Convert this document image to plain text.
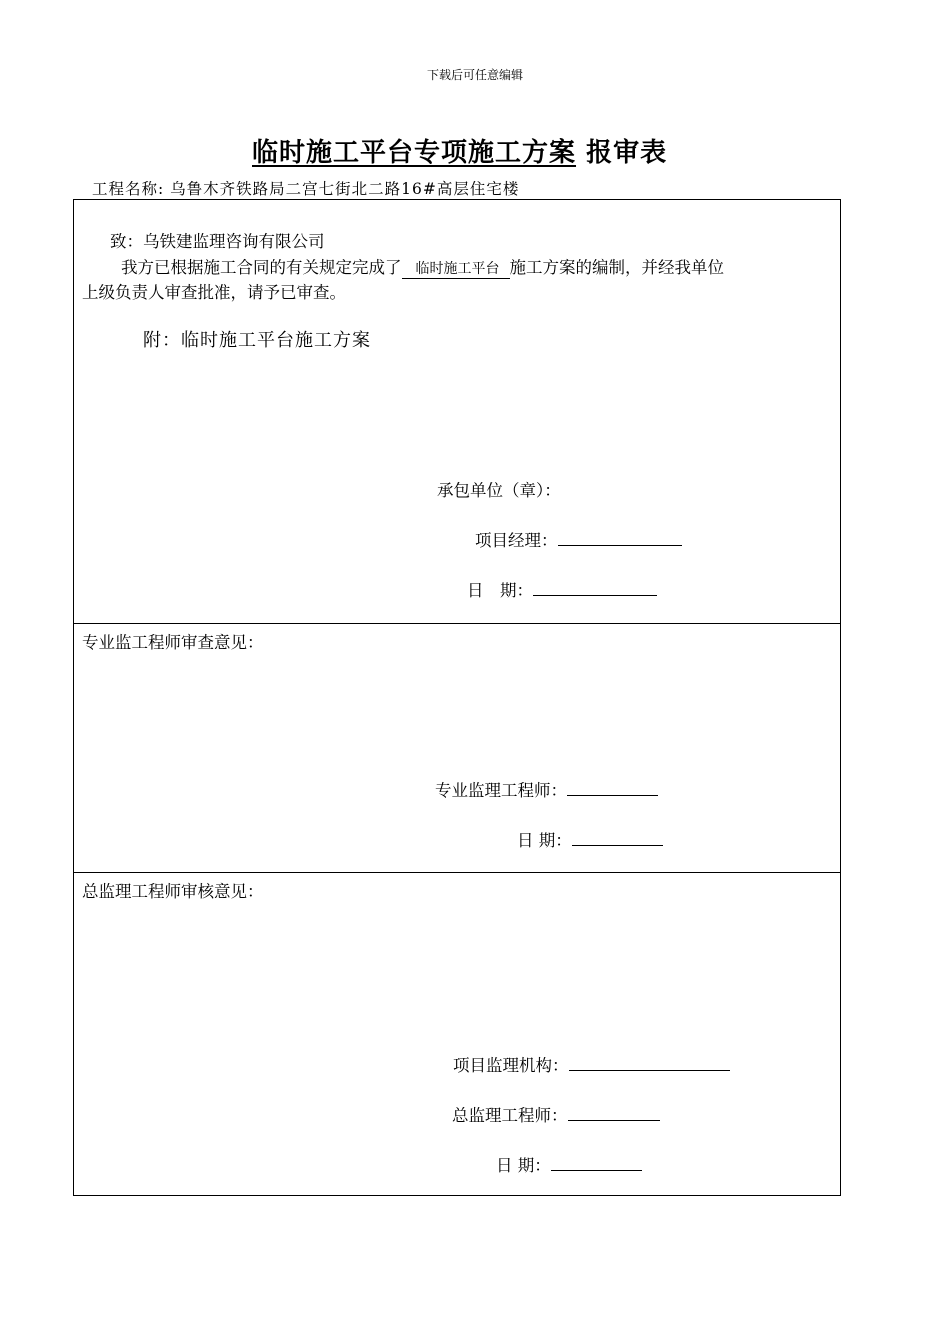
下载后可任意编辑
临时施工平台专项施工方案 报审表
工程名称: 乌鲁木齐铁路局二宫七街北二路16#高层住宅楼
致：乌铁建监理咨询有限公司
我方已根据施工合同的有关规定完成了 临时施工平台 施工方案的编制，并经我单位
上级负责人审查批准，请予已审查。
附：临时施工平台施工方案
承包单位（章）：
项目经理：
日　期：
专业监工程师审查意见：
专业监理工程师：
日 期：
总监理工程师审核意见：
项目监理机构：
总监理工程师：
日 期：
